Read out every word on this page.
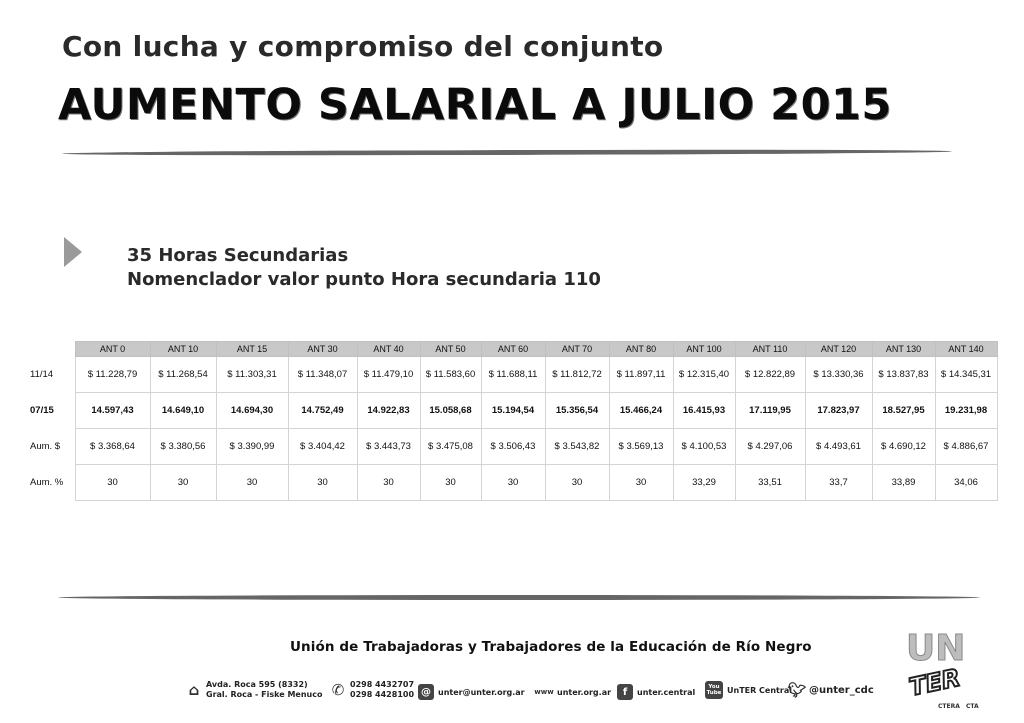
Con lucha y compromiso del conjunto
AUMENTO SALARIAL A JULIO 2015
35 Horas Secundarias
Nomenclador valor punto Hora secundaria 110
	ANT 0	ANT 10	ANT 15	ANT 30	ANT 40	ANT 50	ANT 60	ANT 70	ANT 80	ANT 100	ANT 110	ANT 120	ANT 130	ANT 140
11/14	$ 11.228,79	$ 11.268,54	$ 11.303,31	$ 11.348,07	$ 11.479,10	$ 11.583,60	$ 11.688,11	$ 11.812,72	$ 11.897,11	$ 12.315,40	$ 12.822,89	$ 13.330,36	$ 13.837,83	$ 14.345,31
07/15	14.597,43	14.649,10	14.694,30	14.752,49	14.922,83	15.058,68	15.194,54	15.356,54	15.466,24	16.415,93	17.119,95	17.823,97	18.527,95	19.231,98
Aum. $	$ 3.368,64	$ 3.380,56	$ 3.390,99	$ 3.404,42	$ 3.443,73	$ 3.475,08	$ 3.506,43	$ 3.543,82	$ 3.569,13	$ 4.100,53	$ 4.297,06	$ 4.493,61	$ 4.690,12	$ 4.886,67
Aum. %	30	30	30	30	30	30	30	30	30	33,29	33,51	33,7	33,89	34,06
Unión de Trabajadoras y Trabajadores de la Educación de Río Negro
⌂ Avda. Roca 595 (8332)
Gral. Roca - Fiske Menuco ✆ 0298 4432707
0298 4428100 @ unter@unter.org.ar www unter.org.ar	f	unter.central
You Tube UnTER Central
🐦︎ @unter_cdc
UN
TER
CTERA CTA
